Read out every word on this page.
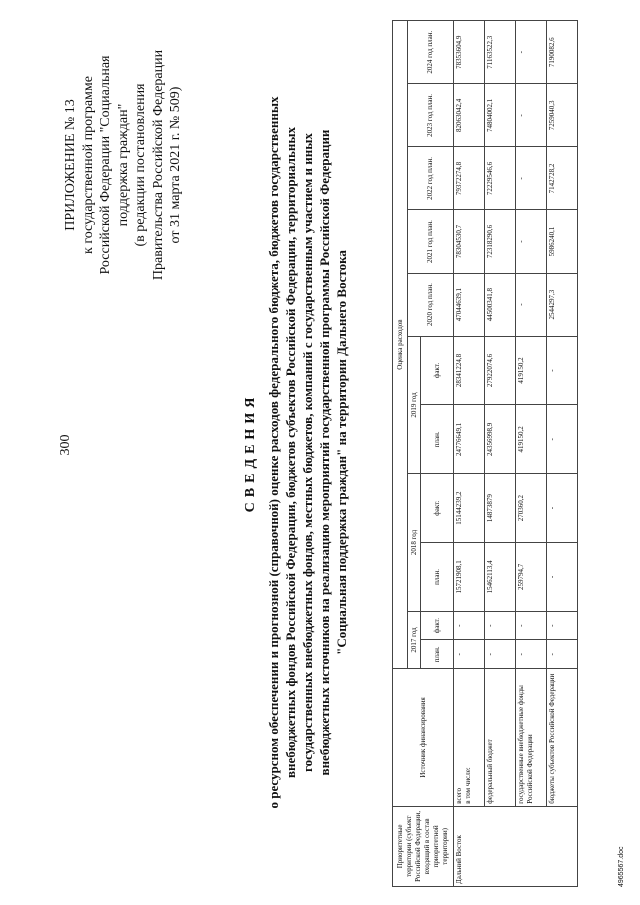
300
ПРИЛОЖЕНИЕ № 13 к государственной программе Российской Федерации "Социальная поддержка граждан" (в редакции постановления Правительства Российской Федерации от 31 марта 2021 г. № 509)
СВЕДЕНИЯ о ресурсном обеспечении и прогнозной (справочной) оценке расходов федерального бюджета, бюджетов государственных внебюджетных фондов Российской Федерации, бюджетов субъектов Российской Федерации, территориальных государственных внебюджетных фондов, местных бюджетов, компаний с государственным участием и иных внебюджетных источников на реализацию мероприятий государственной программы Российской Федерации "Социальная поддержка граждан" на территории Дальнего Востока
Приоритетные территории (субъект Российской Федерации, входящий в состав приоритетной территории)	Источник финансирования	Оценка расходов										
		2017 год		2018 год		2019 год		2020 год план.	2021 год план.	2022 год план.	2023 год план.	2024 год план.
		план.	факт.	план.	факт.	план.	факт.					
Дальний Восток	всего в том числе:	-	-	15721908,1	15144239,2	24776649,1	28341224,8	47044639,1	78304530,7	79372274,8	82063042,4	78353604,9
	федеральный бюджет	-	-	15462113,4	14873879	24356998,9	27922074,6	44500341,8	72318290,6	72229546,6	74804002,1	71163522,3
	государственные внебюджетные фонды Российской Федерации	-	-	259794,7	270360,2	419150,2	419150,2	-	-	-	-	-
	бюджеты субъектов Российской Федерации	-	-	-	-	-	-	2544297,3	5986240,1	7142728,2	7259040,3	7190082,6
4965567.doc
